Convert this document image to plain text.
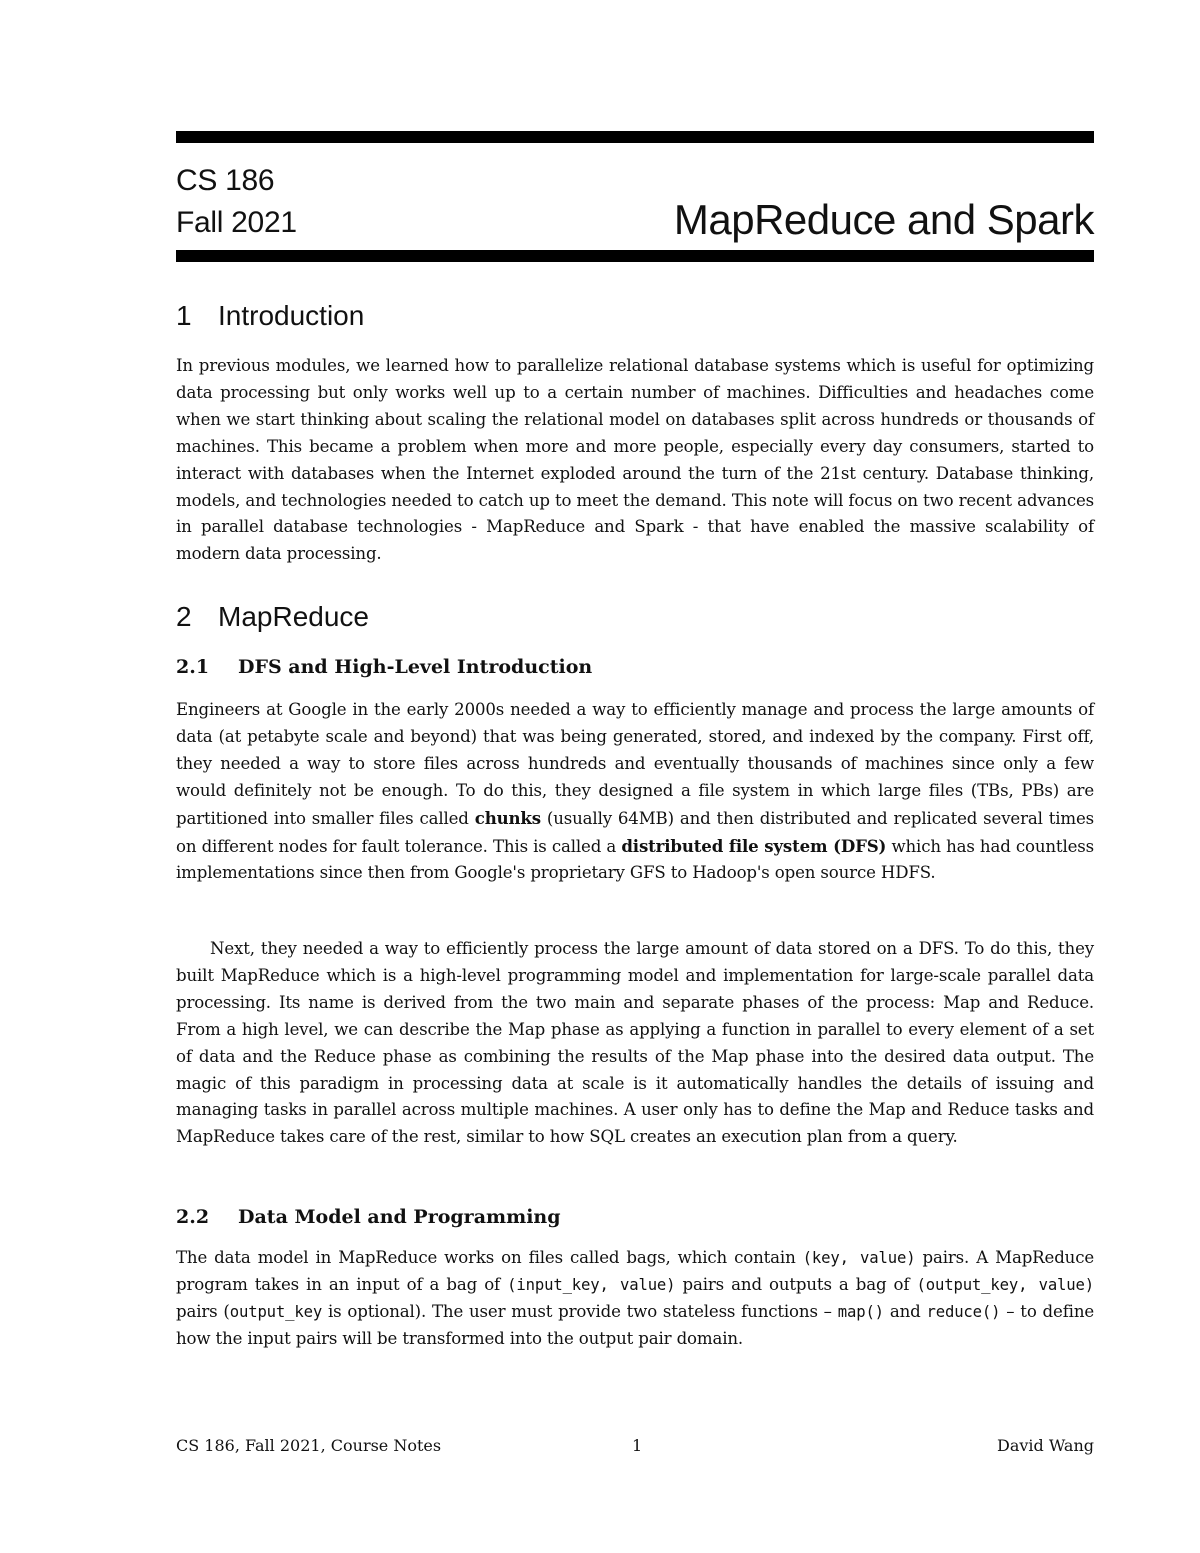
CS 186
Fall 2021	MapReduce and Spark
1 Introduction

In previous modules, we learned how to parallelize relational database systems which is useful for optimizing data processing but only works well up to a certain number of machines. Difficulties and headaches come when we start thinking about scaling the relational model on databases split across hundreds or thousands of machines. This became a problem when more and more people, especially every day consumers, started to interact with databases when the Internet exploded around the turn of the 21st century. Database thinking, models, and technologies needed to catch up to meet the demand. This note will focus on two recent advances in parallel database technologies - MapReduce and Spark - that have enabled the massive scalability of modern data processing.

2 MapReduce
2.1 DFS and High-Level Introduction

Engineers at Google in the early 2000s needed a way to efficiently manage and process the large amounts of data (at petabyte scale and beyond) that was being generated, stored, and indexed by the company. First off, they needed a way to store files across hundreds and eventually thousands of machines since only a few would definitely not be enough. To do this, they designed a file system in which large files (TBs, PBs) are partitioned into smaller files called chunks (usually 64MB) and then distributed and replicated several times on different nodes for fault tolerance. This is called a distributed file system (DFS) which has had countless implementations since then from Google's proprietary GFS to Hadoop's open source HDFS.

Next, they needed a way to efficiently process the large amount of data stored on a DFS. To do this, they built MapReduce which is a high-level programming model and implementation for large-scale parallel data processing. Its name is derived from the two main and separate phases of the process: Map and Reduce. From a high level, we can describe the Map phase as applying a function in parallel to every element of a set of data and the Reduce phase as combining the results of the Map phase into the desired data output. The magic of this paradigm in processing data at scale is it automatically handles the details of issuing and managing tasks in parallel across multiple machines. A user only has to define the Map and Reduce tasks and MapReduce takes care of the rest, similar to how SQL creates an execution plan from a query.

2.2 Data Model and Programming

The data model in MapReduce works on files called bags, which contain (key, value) pairs. A MapReduce program takes in an input of a bag of (input_key, value) pairs and outputs a bag of (output_key, value) pairs (output_key is optional). The user must provide two stateless functions – map() and reduce() – to define how the input pairs will be transformed into the output pair domain.

CS 186, Fall 2021, Course Notes	1	David Wang
